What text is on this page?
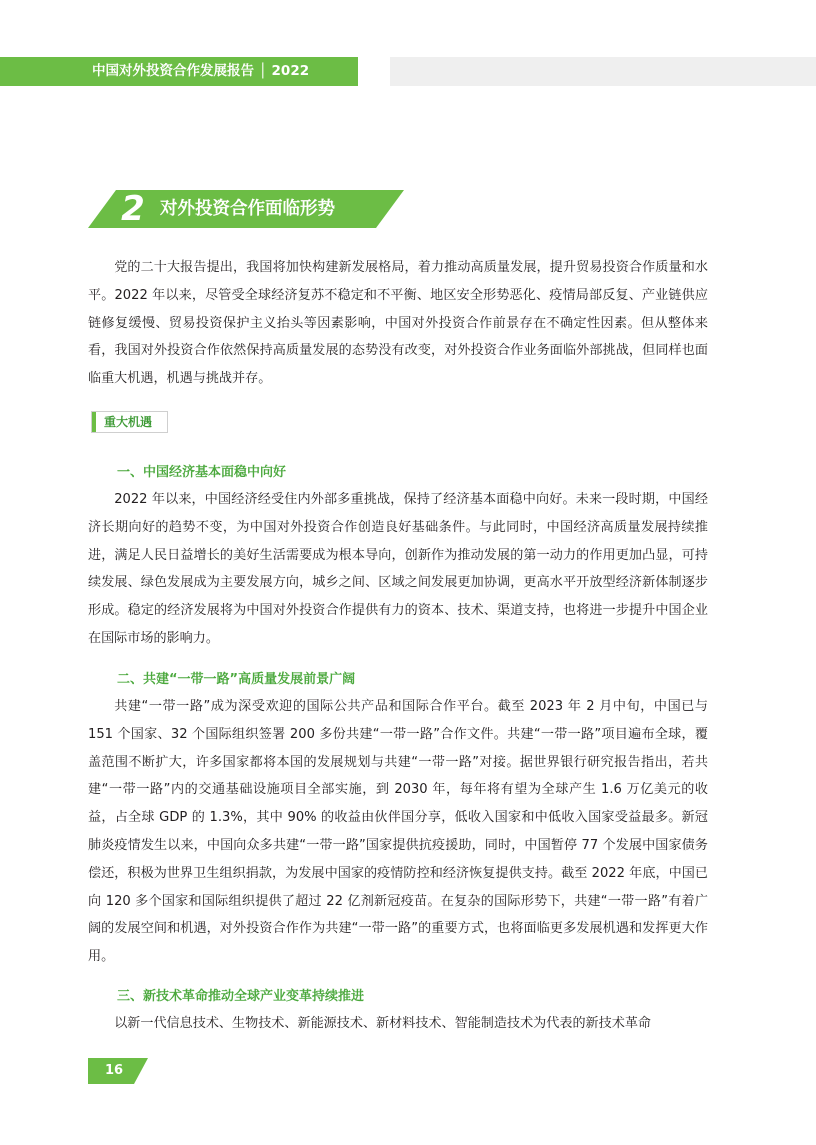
中国对外投资合作发展报告 │ 2022
2 对外投资合作面临形势

党的二十大报告提出，我国将加快构建新发展格局，着力推动高质量发展，提升贸易投资合作质量和水平。2022 年以来，尽管受全球经济复苏不稳定和不平衡、地区安全形势恶化、疫情局部反复、产业链供应链修复缓慢、贸易投资保护主义抬头等因素影响，中国对外投资合作前景存在不确定性因素。但从整体来看，我国对外投资合作依然保持高质量发展的态势没有改变，对外投资合作业务面临外部挑战，但同样也面临重大机遇，机遇与挑战并存。

重大机遇

一、中国经济基本面稳中向好

2022 年以来，中国经济经受住内外部多重挑战，保持了经济基本面稳中向好。未来一段时期，中国经济长期向好的趋势不变，为中国对外投资合作创造良好基础条件。与此同时，中国经济高质量发展持续推进，满足人民日益增长的美好生活需要成为根本导向，创新作为推动发展的第一动力的作用更加凸显，可持续发展、绿色发展成为主要发展方向，城乡之间、区域之间发展更加协调，更高水平开放型经济新体制逐步形成。稳定的经济发展将为中国对外投资合作提供有力的资本、技术、渠道支持，也将进一步提升中国企业在国际市场的影响力。

二、共建“一带一路”高质量发展前景广阔

共建“一带一路”成为深受欢迎的国际公共产品和国际合作平台。截至 2023 年 2 月中旬，中国已与 151 个国家、32 个国际组织签署 200 多份共建“一带一路”合作文件。共建“一带一路”项目遍布全球，覆盖范围不断扩大，许多国家都将本国的发展规划与共建“一带一路”对接。据世界银行研究报告指出，若共建“一带一路”内的交通基础设施项目全部实施，到 2030 年，每年将有望为全球产生 1.6 万亿美元的收益，占全球 GDP 的 1.3%，其中 90% 的收益由伙伴国分享，低收入国家和中低收入国家受益最多。新冠肺炎疫情发生以来，中国向众多共建“一带一路”国家提供抗疫援助，同时，中国暂停 77 个发展中国家债务偿还，积极为世界卫生组织捐款，为发展中国家的疫情防控和经济恢复提供支持。截至 2022 年底，中国已向 120 多个国家和国际组织提供了超过 22 亿剂新冠疫苗。在复杂的国际形势下，共建“一带一路”有着广阔的发展空间和机遇，对外投资合作作为共建“一带一路”的重要方式，也将面临更多发展机遇和发挥更大作用。

三、新技术革命推动全球产业变革持续推进

以新一代信息技术、生物技术、新能源技术、新材料技术、智能制造技术为代表的新技术革命

16
